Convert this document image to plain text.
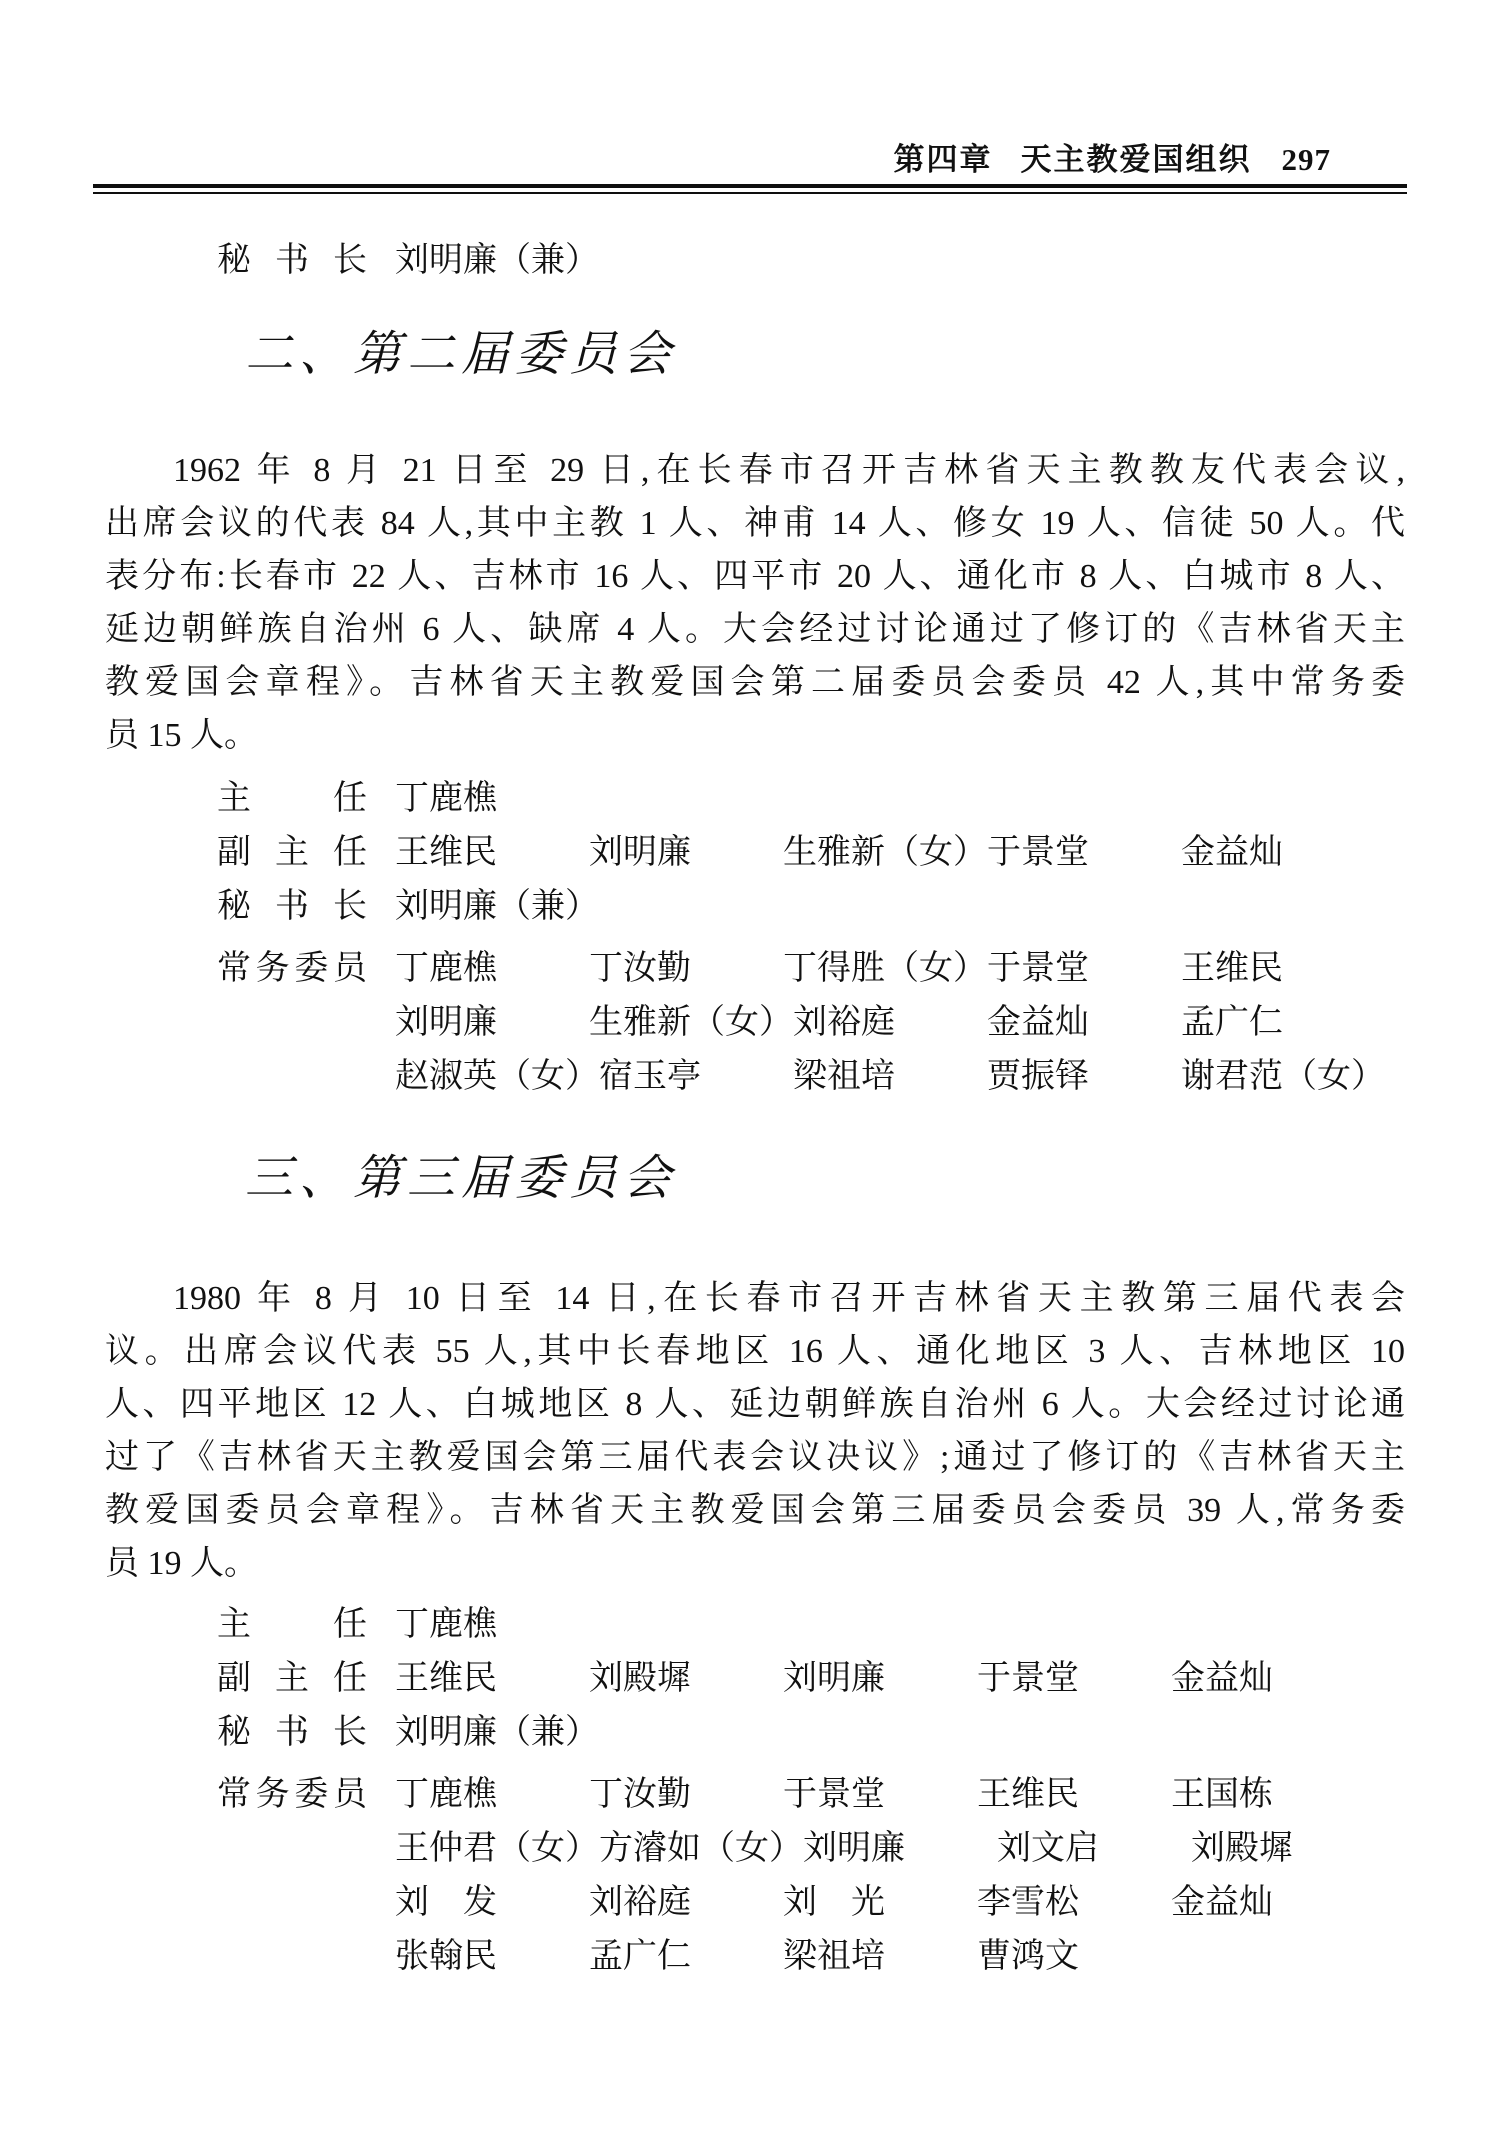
第四章 天主教爱国组织 297
秘书长 刘明廉（兼）
二、第二届委员会
1962 年 8 月 21 日至 29 日,在长春市召开吉林省天主教教友代表会议,
出席会议的代表 84 人,其中主教 1 人、神甫 14 人、修女 19 人、信徒 50 人。代
表分布:长春市 22 人、吉林市 16 人、四平市 20 人、通化市 8 人、白城市 8 人、
延边朝鲜族自治州 6 人、缺席 4 人。大会经过讨论通过了修订的《吉林省天主
教爱国会章程》。吉林省天主教爱国会第二届委员会委员 42 人,其中常务委
员 15 人。
主任 丁鹿樵
副主任 王维民	刘明廉	生雅新（女） 于景堂	金益灿
秘书长 刘明廉（兼）
常务委员 丁鹿樵	丁汝勤	丁得胜（女） 于景堂	王维民
刘明廉	生雅新（女） 刘裕庭	金益灿	孟广仁
赵淑英（女） 宿玉亭	梁祖培	贾振铎	谢君范（女）
三、第三届委员会
1980 年 8 月 10 日至 14 日,在长春市召开吉林省天主教第三届代表会
议。出席会议代表 55 人,其中长春地区 16 人、通化地区 3 人、吉林地区 10
人、四平地区 12 人、白城地区 8 人、延边朝鲜族自治州 6 人。大会经过讨论通
过了《吉林省天主教爱国会第三届代表会议决议》;通过了修订的《吉林省天主
教爱国委员会章程》。吉林省天主教爱国会第三届委员会委员 39 人,常务委
员 19 人。
主任 丁鹿樵
副主任 王维民	刘殿墀	刘明廉	于景堂	金益灿
秘书长 刘明廉（兼）
常务委员 丁鹿樵	丁汝勤	于景堂	王维民	王国栋
王仲君（女） 方濬如（女） 刘明廉	刘文启	刘殿墀
刘　发	刘裕庭	刘　光	李雪松	金益灿
张翰民	孟广仁	梁祖培	曹鸿文
